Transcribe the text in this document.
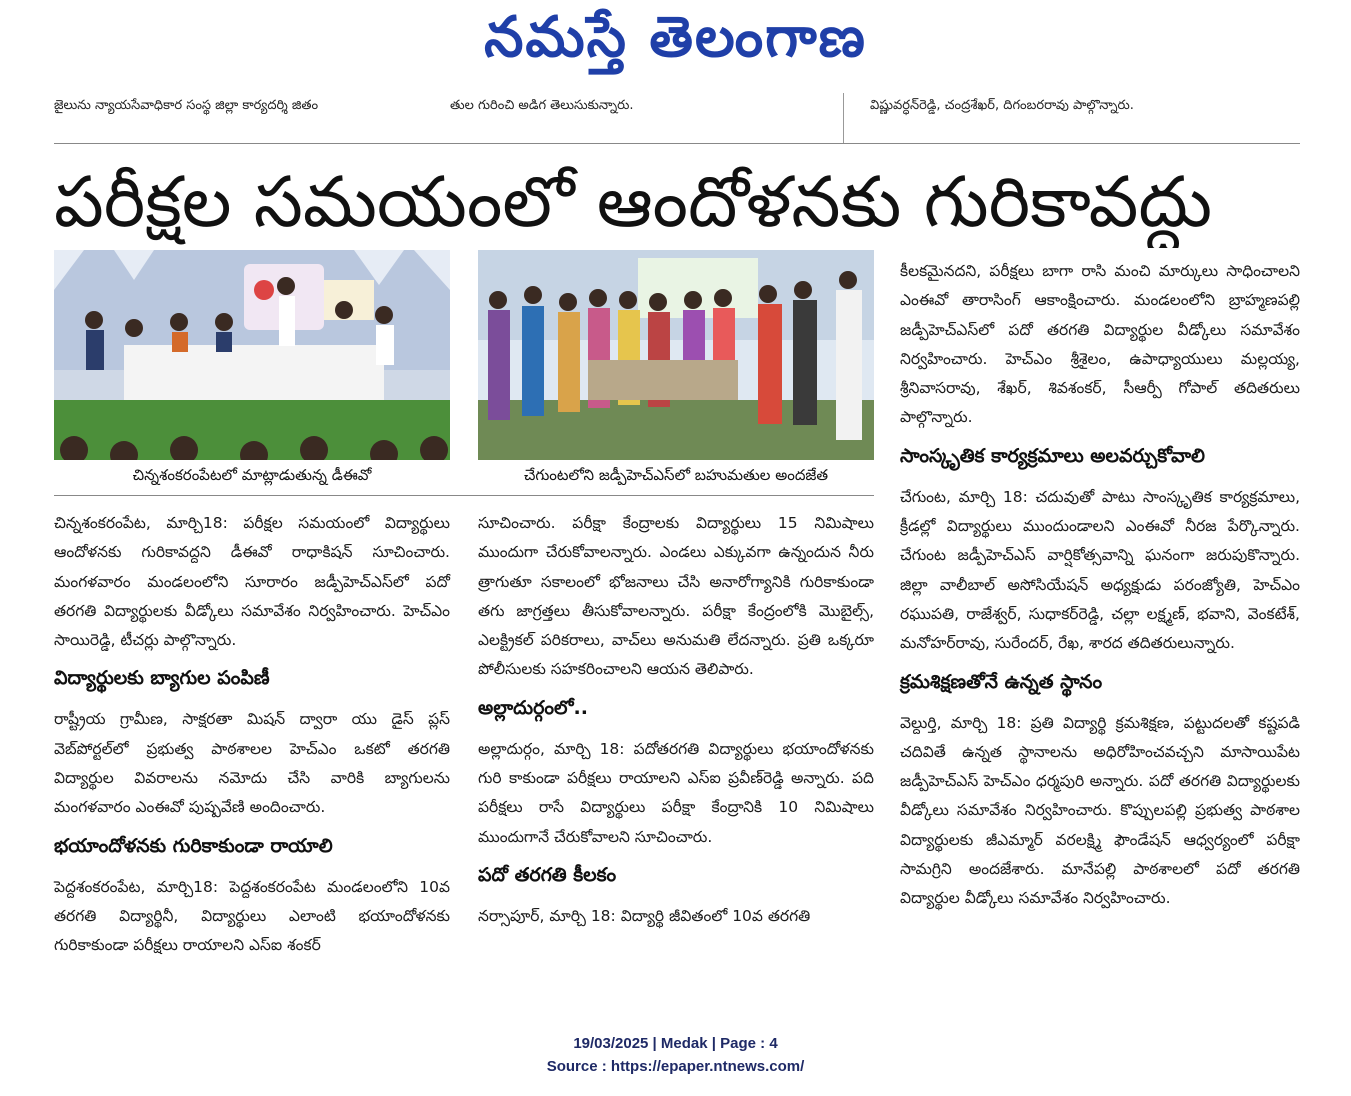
నమస్తే తెలంగాణ
జైలును న్యాయసేవాధికార సంస్థ జిల్లా కార్యదర్శి జితం	తుల గురించి అడిగ తెలుసుకున్నారు.	విష్ణువర్ధన్‌రెడ్డి, చంద్రశేఖర్, దిగంబరరావు పాల్గొన్నారు.
పరీక్షల సమయంలో ఆందోళనకు గురికావద్దు
చిన్నశంకరంపేటలో మాట్లాడుతున్న డీఈవో	చేగుంటలోని జడ్పీహెచ్ఎస్‌లో బహుమతుల అందజేత

చిన్నశంకరంపేట, మార్చి18: పరీక్షల సమయంలో విద్యార్థులు ఆందోళనకు గురికావద్దని డీఈవో రాధాకిషన్ సూచించారు. మంగళవారం మండలంలోని సూరారం జడ్పీహెచ్ఎస్‌లో పదో తరగతి విద్యార్థులకు వీడ్కోలు సమావేశం నిర్వహించారు. హెచ్ఎం సాయిరెడ్డి, టీచర్లు పాల్గొన్నారు.

విద్యార్థులకు బ్యాగుల పంపిణీ

రాష్ట్రీయ గ్రామీణ, సాక్షరతా మిషన్ ద్వారా యు డైస్ ప్లస్ వెబ్‌పోర్టల్‌లో ప్రభుత్వ పాఠశాలల హెచ్ఎం ఒకటో తరగతి విద్యార్థుల వివరాలను నమోదు చేసి వారికి బ్యాగులను మంగళవారం ఎంఈవో పుష్పవేణి అందించారు.

భయాందోళనకు గురికాకుండా రాయాలి

పెద్దశంకరంపేట, మార్చి18: పెద్దశంకరంపేట మండలంలోని 10వ తరగతి విద్యార్థినీ, విద్యార్థులు ఎలాంటి భయాందోళనకు గురికాకుండా పరీక్షలు రాయాలని ఎస్ఐ శంకర్

సూచించారు. పరీక్షా కేంద్రాలకు విద్యార్థులు 15 నిమిషాలు ముందుగా చేరుకోవాలన్నారు. ఎండలు ఎక్కువగా ఉన్నందున నీరు త్రాగుతూ సకాలంలో భోజనాలు చేసి అనారోగ్యానికి గురికాకుండా తగు జాగ్రత్తలు తీసుకోవాలన్నారు. పరీక్షా కేంద్రంలోకి మొబైల్స్, ఎలక్ట్రికల్ పరికరాలు, వాచ్‌లు అనుమతి లేదన్నారు. ప్రతి ఒక్కరూ పోలీసులకు సహకరించాలని ఆయన తెలిపారు.

అల్లాదుర్గంలో..

అల్లాదుర్గం, మార్చి 18: పదోతరగతి విద్యార్థులు భయాందోళనకు గురి కాకుండా పరీక్షలు రాయాలని ఎస్ఐ ప్రవీణ్‌రెడ్డి అన్నారు. పది పరీక్షలు రాసే విద్యార్థులు పరీక్షా కేంద్రానికి 10 నిమిషాలు ముందుగానే చేరుకోవాలని సూచించారు.

పదో తరగతి కీలకం

నర్సాపూర్, మార్చి 18: విద్యార్థి జీవితంలో 10వ తరగతి

కీలకమైనదని, పరీక్షలు బాగా రాసి మంచి మార్కులు సాధించాలని ఎంఈవో తారాసింగ్ ఆకాంక్షించారు. మండలంలోని బ్రాహ్మణపల్లి జడ్పీహెచ్ఎస్‌లో పదో తరగతి విద్యార్థుల వీడ్కోలు సమావేశం నిర్వహించారు. హెచ్ఎం శ్రీశైలం, ఉపాధ్యాయులు మల్లయ్య, శ్రీనివాసరావు, శేఖర్, శివశంకర్, సీఆర్పీ గోపాల్ తదితరులు పాల్గొన్నారు.

సాంస్కృతిక కార్యక్రమాలు అలవర్చుకోవాలి

చేగుంట, మార్చి 18: చదువుతో పాటు సాంస్కృతిక కార్యక్రమాలు, క్రీడల్లో విద్యార్థులు ముందుండాలని ఎంఈవో నీరజ పేర్కొన్నారు. చేగుంట జడ్పీహెచ్ఎస్ వార్షికోత్సవాన్ని ఘనంగా జరుపుకొన్నారు. జిల్లా వాలీబాల్ అసోసియేషన్ అధ్యక్షుడు పరంజ్యోతి, హెచ్ఎం రఘుపతి, రాజేశ్వర్, సుధాకర్‌రెడ్డి, చల్లా లక్ష్మణ్, భవాని, వెంకటేశ్, మనోహర్‌రావు, సురేందర్, రేఖ, శారద తదితరులున్నారు.

క్రమశిక్షణతోనే ఉన్నత స్థానం

వెల్దుర్తి, మార్చి 18: ప్రతి విద్యార్థి క్రమశిక్షణ, పట్టుదలతో కష్టపడి చదివితే ఉన్నత స్థానాలను అధిరోహించవచ్చని మాసాయిపేట జడ్పీహెచ్ఎస్ హెచ్ఎం ధర్మపురి అన్నారు. పదో తరగతి విద్యార్థులకు వీడ్కోలు సమావేశం నిర్వహించారు. కొప్పులపల్లి ప్రభుత్వ పాఠశాల విద్యార్థులకు జీఎమ్మార్ వరలక్ష్మి ఫౌండేషన్ ఆధ్వర్యంలో పరీక్షా సామగ్రిని అందజేశారు. మానేపల్లి పాఠశాలలో పదో తరగతి విద్యార్థుల వీడ్కోలు సమావేశం నిర్వహించారు.

19/03/2025 | Medak | Page : 4
Source : https://epaper.ntnews.com/
